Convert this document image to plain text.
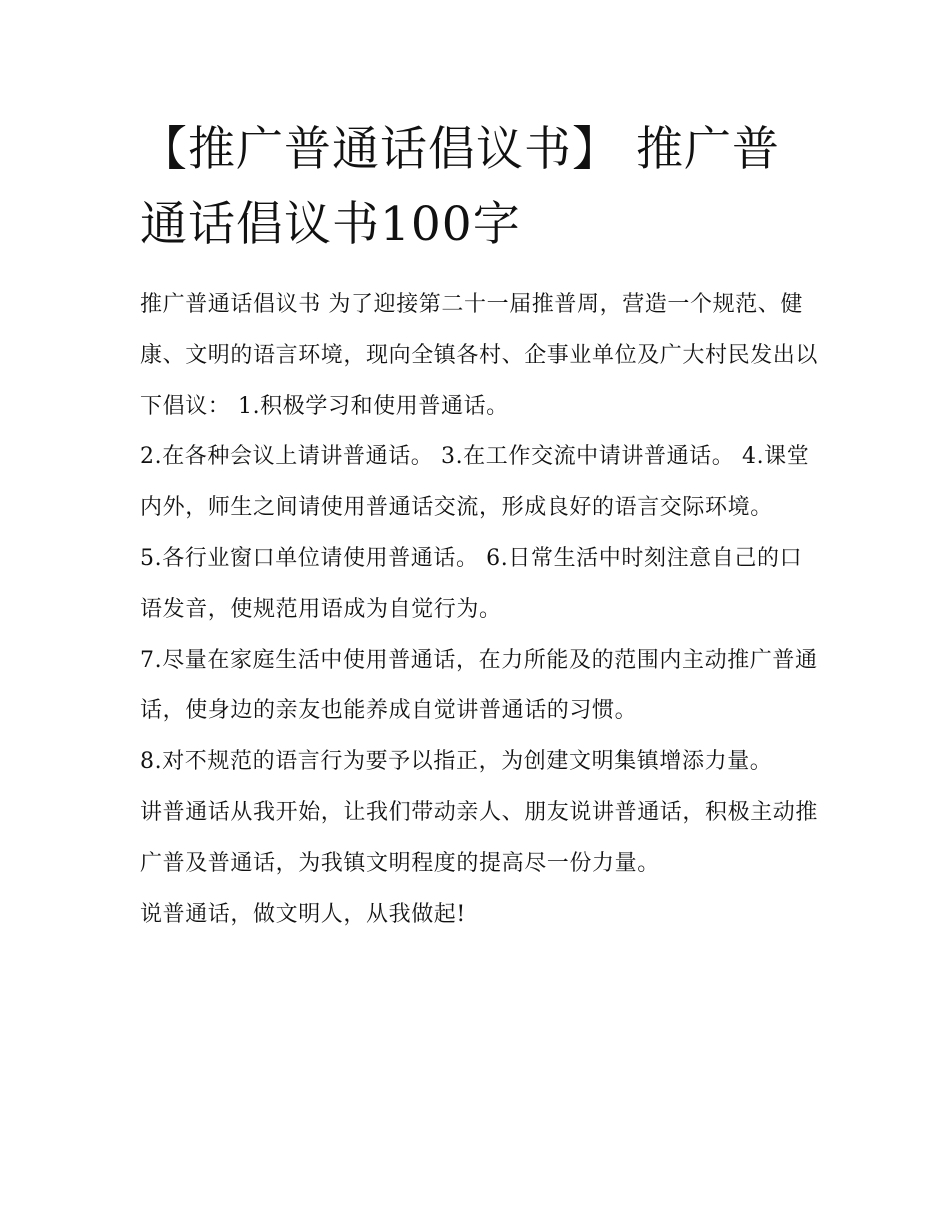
【推广普通话倡议书】 推广普通话倡议书100字

推广普通话倡议书 为了迎接第二十一届推普周，营造一个规范、健康、文明的语言环境，现向全镇各村、企事业单位及广大村民发出以下倡议： 1.积极学习和使用普通话。

2.在各种会议上请讲普通话。 3.在工作交流中请讲普通话。 4.课堂内外，师生之间请使用普通话交流，形成良好的语言交际环境。

5.各行业窗口单位请使用普通话。 6.日常生活中时刻注意自己的口语发音，使规范用语成为自觉行为。

7.尽量在家庭生活中使用普通话，在力所能及的范围内主动推广普通话，使身边的亲友也能养成自觉讲普通话的习惯。

8.对不规范的语言行为要予以指正，为创建文明集镇增添力量。

讲普通话从我开始，让我们带动亲人、朋友说讲普通话，积极主动推广普及普通话，为我镇文明程度的提高尽一份力量。

说普通话，做文明人，从我做起!
